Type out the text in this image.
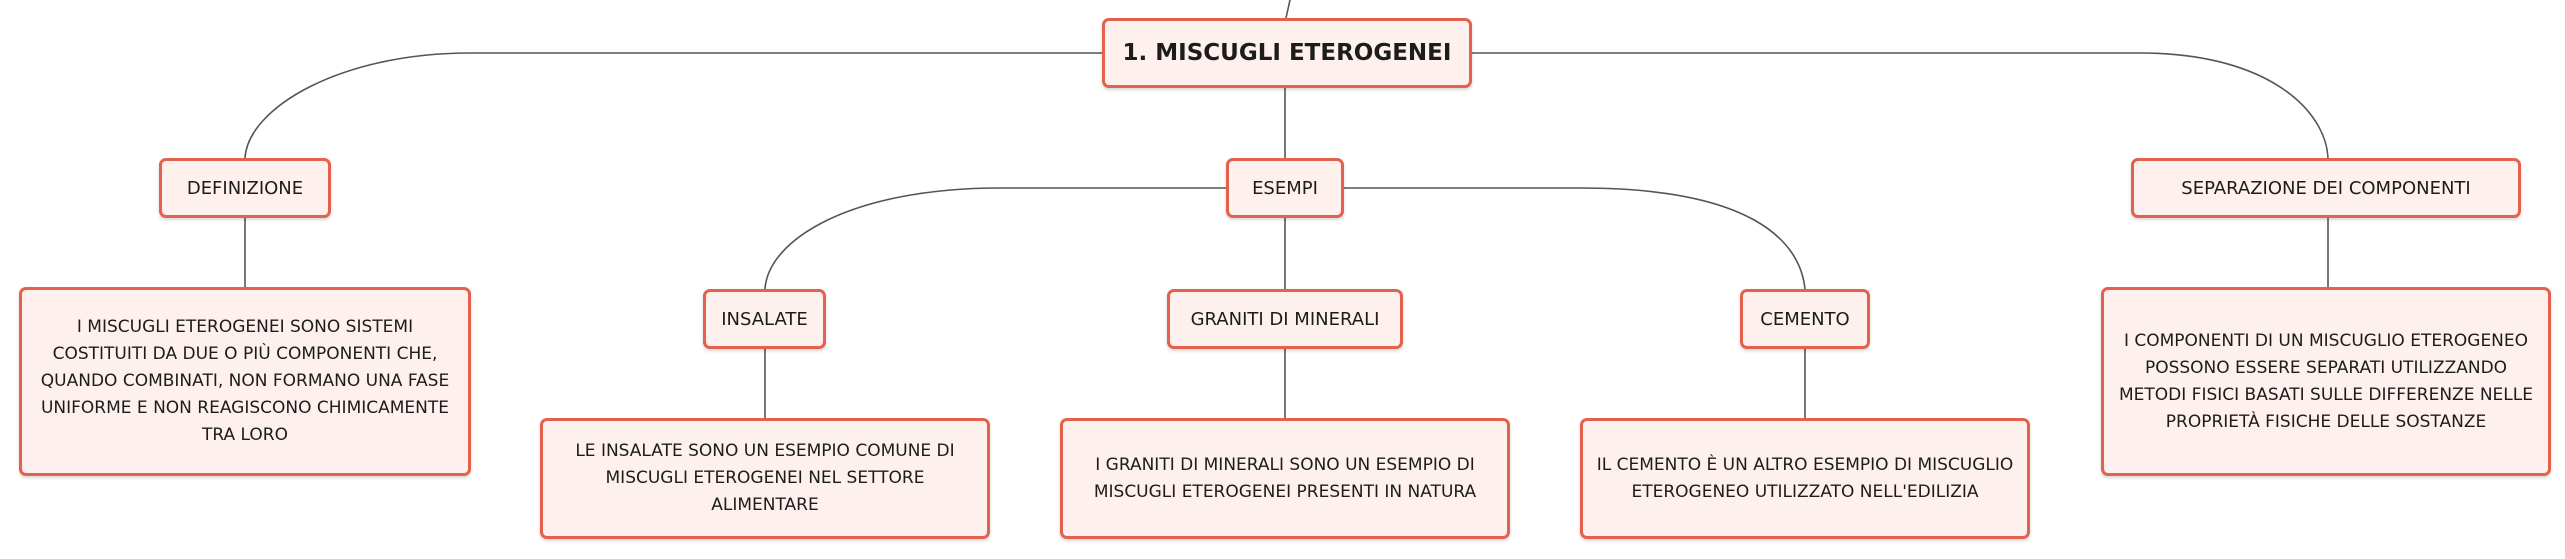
1. MISCUGLI ETEROGENEI
DEFINIZIONE
I MISCUGLI ETEROGENEI SONO SISTEMI COSTITUITI DA DUE O PIÙ COMPONENTI CHE, QUANDO COMBINATI, NON FORMANO UNA FASE UNIFORME E NON REAGISCONO CHIMICAMENTE TRA LORO
ESEMPI
INSALATE
LE INSALATE SONO UN ESEMPIO COMUNE DI MISCUGLI ETEROGENEI NEL SETTORE ALIMENTARE
GRANITI DI MINERALI
I GRANITI DI MINERALI SONO UN ESEMPIO DI MISCUGLI ETEROGENEI PRESENTI IN NATURA
CEMENTO
IL CEMENTO È UN ALTRO ESEMPIO DI MISCUGLIO ETEROGENEO UTILIZZATO NELL'EDILIZIA
SEPARAZIONE DEI COMPONENTI
I COMPONENTI DI UN MISCUGLIO ETEROGENEO POSSONO ESSERE SEPARATI UTILIZZANDO METODI FISICI BASATI SULLE DIFFERENZE NELLE PROPRIETÀ FISICHE DELLE SOSTANZE
